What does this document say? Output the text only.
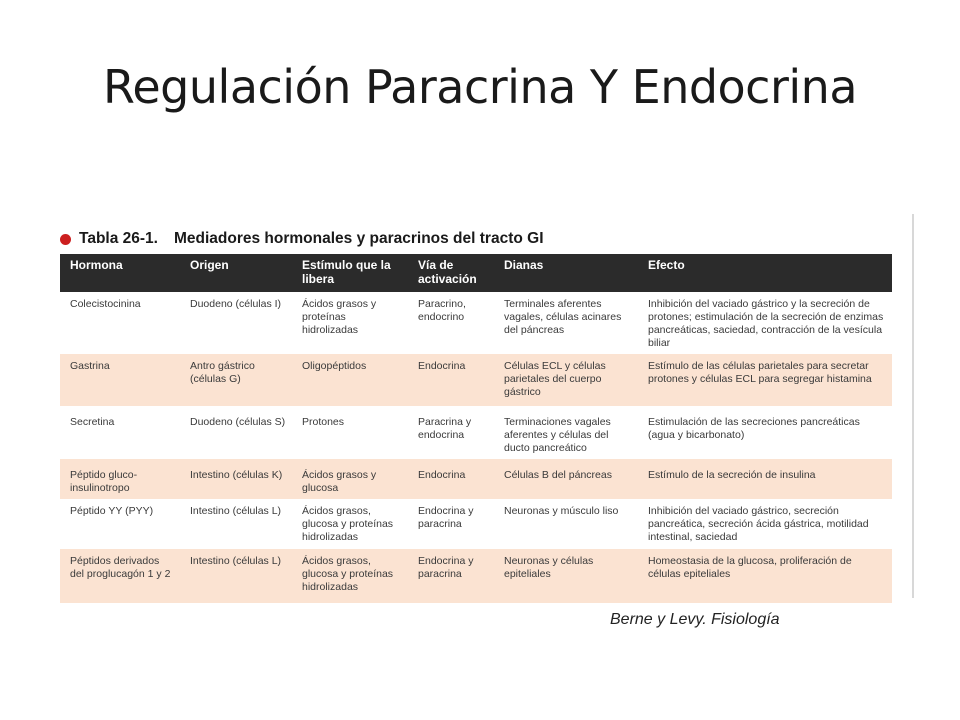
Regulación Paracrina Y Endocrina
Tabla 26-1. Mediadores hormonales y paracrinos del tracto GI
Hormona	Origen	Estímulo que la libera	Vía de activación	Dianas	Efecto
Colecistocinina	Duodeno (células I)	Ácidos grasos y proteínas hidrolizadas	Paracrino, endocrino	Terminales aferentes vagales, células acinares del páncreas	Inhibición del vaciado gástrico y la secreción de protones; estimulación de la secreción de enzimas pancreáticas, saciedad, contracción de la vesícula biliar
Gastrina	Antro gástrico (células G)	Oligopéptidos	Endocrina	Células ECL y células parietales del cuerpo gástrico	Estímulo de las células parietales para secretar protones y células ECL para segregar histamina
Secretina	Duodeno (células S)	Protones	Paracrina y endocrina	Terminaciones vagales aferentes y células del ducto pancreático	Estimulación de las secreciones pancreáticas (agua y bicarbonato)
Péptido gluco-insulinotropo	Intestino (células K)	Ácidos grasos y glucosa	Endocrina	Células B del páncreas	Estímulo de la secreción de insulina
Péptido YY (PYY)	Intestino (células L)	Ácidos grasos, glucosa y proteínas hidrolizadas	Endocrina y paracrina	Neuronas y músculo liso	Inhibición del vaciado gástrico, secreción pancreática, secreción ácida gástrica, motilidad intestinal, saciedad
Péptidos derivados del proglucagón 1 y 2	Intestino (células L)	Ácidos grasos, glucosa y proteínas hidrolizadas	Endocrina y paracrina	Neuronas y células epiteliales	Homeostasia de la glucosa, proliferación de células epiteliales
Berne y Levy. Fisiología
